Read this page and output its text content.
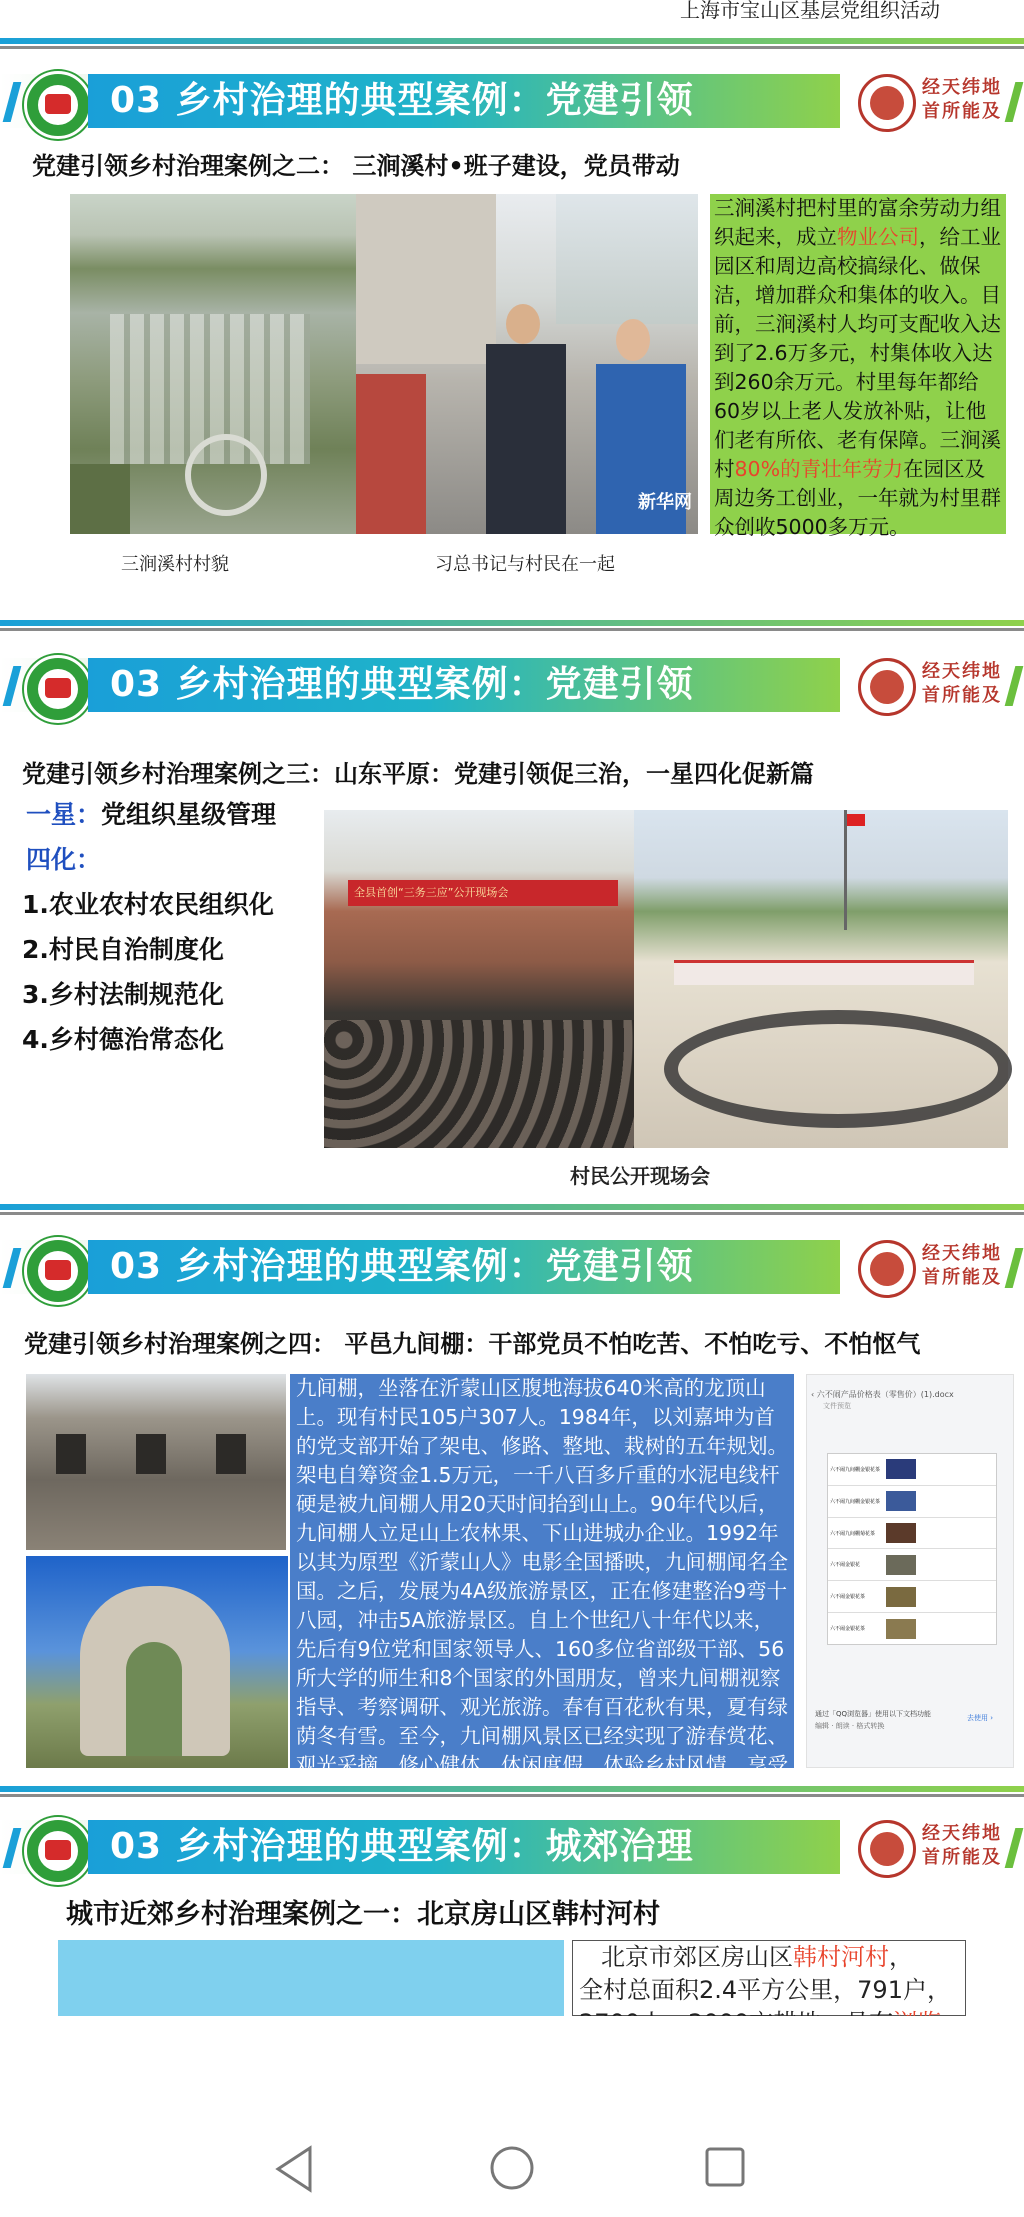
上海市宝山区基层党组织活动
03 乡村治理的典型案例：党建引领	经天纬地
首所能及
党建引领乡村治理案例之二： 三涧溪村•班子建设，党员带动
新华网
三涧溪村村貌	习总书记与村民在一起
三涧溪村把村里的富余劳动力组织起来，成立物业公司，给工业园区和周边高校搞绿化、做保洁，增加群众和集体的收入。目前，三涧溪村人均可支配收入达到了2.6万多元，村集体收入达到260余万元。村里每年都给60岁以上老人发放补贴，让他们老有所依、老有保障。三涧溪村80%的青壮年劳力在园区及周边务工创业，一年就为村里群众创收5000多万元。
03 乡村治理的典型案例：党建引领	经天纬地
首所能及
党建引领乡村治理案例之三：山东平原：党建引领促三治，一星四化促新篇
一星：党组织星级管理
四化：
1.农业农村农民组织化
2.村民自治制度化
3.乡村法制规范化
4.乡村德治常态化
全县首创“三务三应”公开现场会
村民公开现场会
03 乡村治理的典型案例：党建引领	经天纬地
首所能及
党建引领乡村治理案例之四： 平邑九间棚：干部党员不怕吃苦、不怕吃亏、不怕怄气
九间棚，坐落在沂蒙山区腹地海拔640米高的龙顶山上。现有村民105户307人。1984年，以刘嘉坤为首的党支部开始了架电、修路、整地、栽树的五年规划。架电自筹资金1.5万元，一千八百多斤重的水泥电线杆硬是被九间棚人用20天时间抬到山上。90年代以后，九间棚人立足山上农林果、下山进城办企业。1992年以其为原型《沂蒙山人》电影全国播映，九间棚闻名全国。之后，发展为4A级旅游景区，正在修建整治9弯十八园，冲击5A旅游景区。自上个世纪八十年代以来，先后有9位党和国家领导人、160多位省部级干部、56所大学的师生和8个国家的外国朋友，曾来九间棚视察指导、考察调研、观光旅游。春有百花秋有果，夏有绿荫冬有雪。至今，九间棚风景区已经实现了游春赏花、观光采摘、修心健体、休闲度假，体验乡村风情，享受
‹ 六不闹产品价格表（零售价）(1).docx
文件预览
六不闹九间棚金银花茶
六不闹九间棚金银花茶
六不闹九间棚菊花茶
六不闹金银花
六不闹金银花茶
六不闹金银花茶
通过「QQ浏览器」使用以下文档功能
编辑 · 朗读 · 格式转换
去使用 ›
03 乡村治理的典型案例：城郊治理	经天纬地
首所能及
城市近郊乡村治理案例之一：北京房山区韩村河村
北京市郊区房山区韩村河村，
全村总面积2.4平方公里，791户，
